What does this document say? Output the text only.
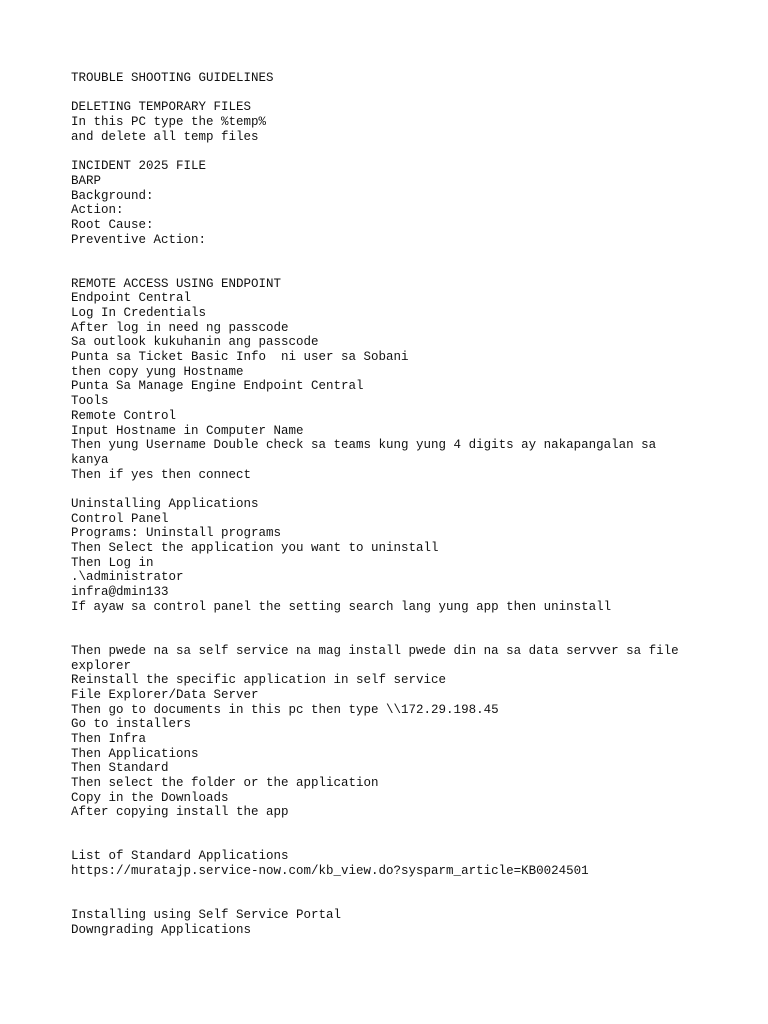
TROUBLE SHOOTING GUIDELINES
DELETING TEMPORARY FILES
In this PC type the %temp%
and delete all temp files
INCIDENT 2025 FILE
BARP
Background:
Action:
Root Cause:
Preventive Action:
REMOTE ACCESS USING ENDPOINT
Endpoint Central
Log In Credentials
After log in need ng passcode
Sa outlook kukuhanin ang passcode
Punta sa Ticket Basic Info  ni user sa Sobani
then copy yung Hostname
Punta Sa Manage Engine Endpoint Central
Tools
Remote Control
Input Hostname in Computer Name
Then yung Username Double check sa teams kung yung 4 digits ay nakapangalan sa
kanya
Then if yes then connect
Uninstalling Applications
Control Panel
Programs: Uninstall programs
Then Select the application you want to uninstall
Then Log in
.\administrator
infra@dmin133
If ayaw sa control panel the setting search lang yung app then uninstall
Then pwede na sa self service na mag install pwede din na sa data servver sa file
explorer
Reinstall the specific application in self service
File Explorer/Data Server
Then go to documents in this pc then type \\172.29.198.45
Go to installers
Then Infra
Then Applications
Then Standard
Then select the folder or the application
Copy in the Downloads
After copying install the app
List of Standard Applications
https://muratajp.service-now.com/kb_view.do?sysparm_article=KB0024501
Installing using Self Service Portal
Downgrading Applications
